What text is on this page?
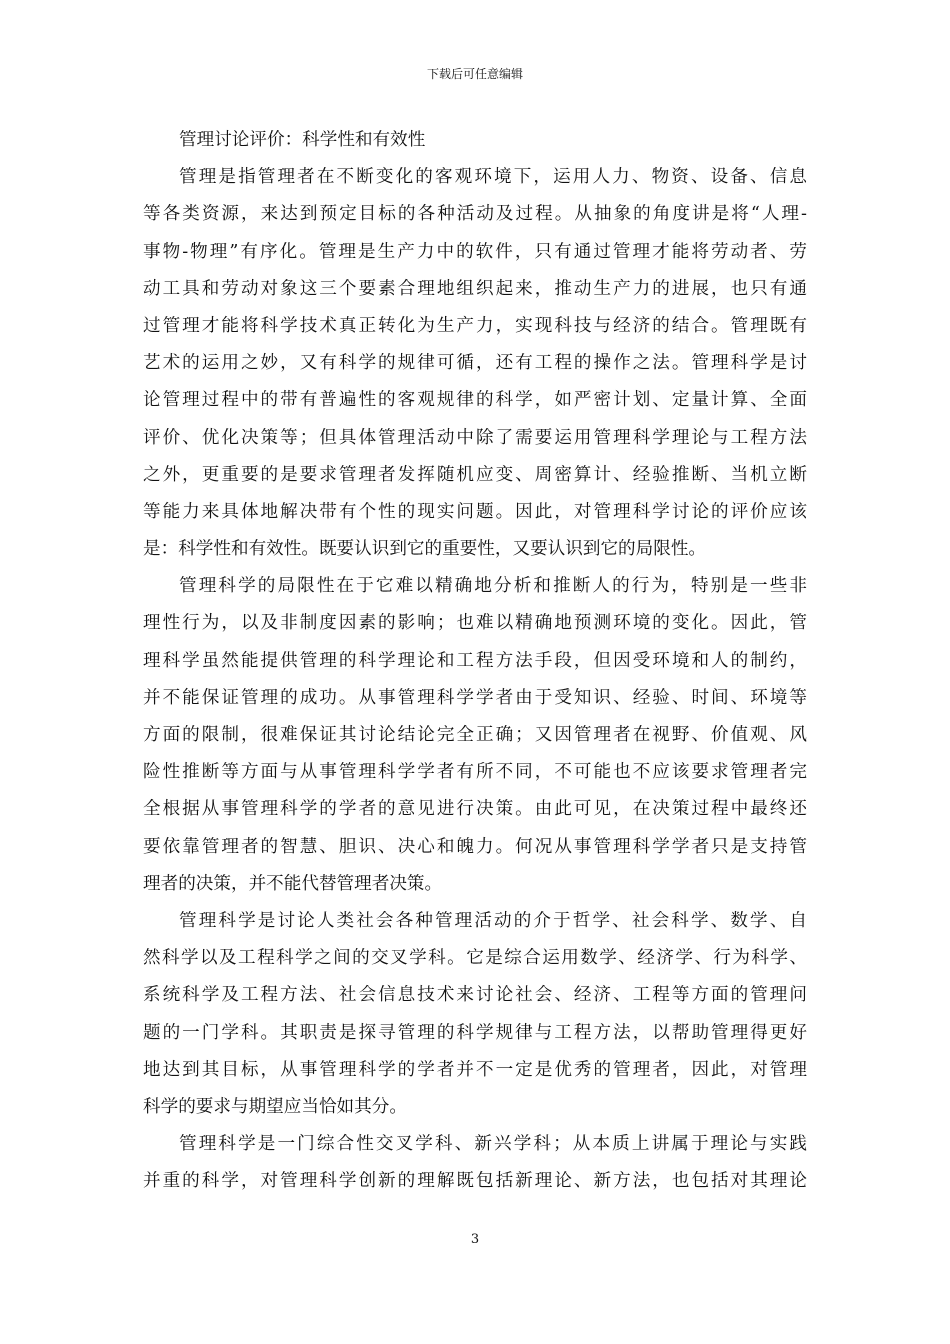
下载后可任意编辑
管理讨论评价：科学性和有效性
管理是指管理者在不断变化的客观环境下，运用人力、物资、设备、信息
等各类资源，来达到预定目标的各种活动及过程。从抽象的角度讲是将“人理-
事物-物理”有序化。管理是生产力中的软件，只有通过管理才能将劳动者、劳
动工具和劳动对象这三个要素合理地组织起来，推动生产力的进展，也只有通
过管理才能将科学技术真正转化为生产力，实现科技与经济的结合。管理既有
艺术的运用之妙，又有科学的规律可循，还有工程的操作之法。管理科学是讨
论管理过程中的带有普遍性的客观规律的科学，如严密计划、定量计算、全面
评价、优化决策等；但具体管理活动中除了需要运用管理科学理论与工程方法
之外，更重要的是要求管理者发挥随机应变、周密算计、经验推断、当机立断
等能力来具体地解决带有个性的现实问题。因此，对管理科学讨论的评价应该
是：科学性和有效性。既要认识到它的重要性，又要认识到它的局限性。
管理科学的局限性在于它难以精确地分析和推断人的行为，特别是一些非
理性行为，以及非制度因素的影响；也难以精确地预测环境的变化。因此，管
理科学虽然能提供管理的科学理论和工程方法手段，但因受环境和人的制约，
并不能保证管理的成功。从事管理科学学者由于受知识、经验、时间、环境等
方面的限制，很难保证其讨论结论完全正确；又因管理者在视野、价值观、风
险性推断等方面与从事管理科学学者有所不同，不可能也不应该要求管理者完
全根据从事管理科学的学者的意见进行决策。由此可见，在决策过程中最终还
要依靠管理者的智慧、胆识、决心和魄力。何况从事管理科学学者只是支持管
理者的决策，并不能代替管理者决策。
管理科学是讨论人类社会各种管理活动的介于哲学、社会科学、数学、自
然科学以及工程科学之间的交叉学科。它是综合运用数学、经济学、行为科学、
系统科学及工程方法、社会信息技术来讨论社会、经济、工程等方面的管理问
题的一门学科。其职责是探寻管理的科学规律与工程方法，以帮助管理得更好
地达到其目标，从事管理科学的学者并不一定是优秀的管理者，因此，对管理
科学的要求与期望应当恰如其分。
管理科学是一门综合性交叉学科、新兴学科；从本质上讲属于理论与实践
并重的科学，对管理科学创新的理解既包括新理论、新方法，也包括对其理论
3
